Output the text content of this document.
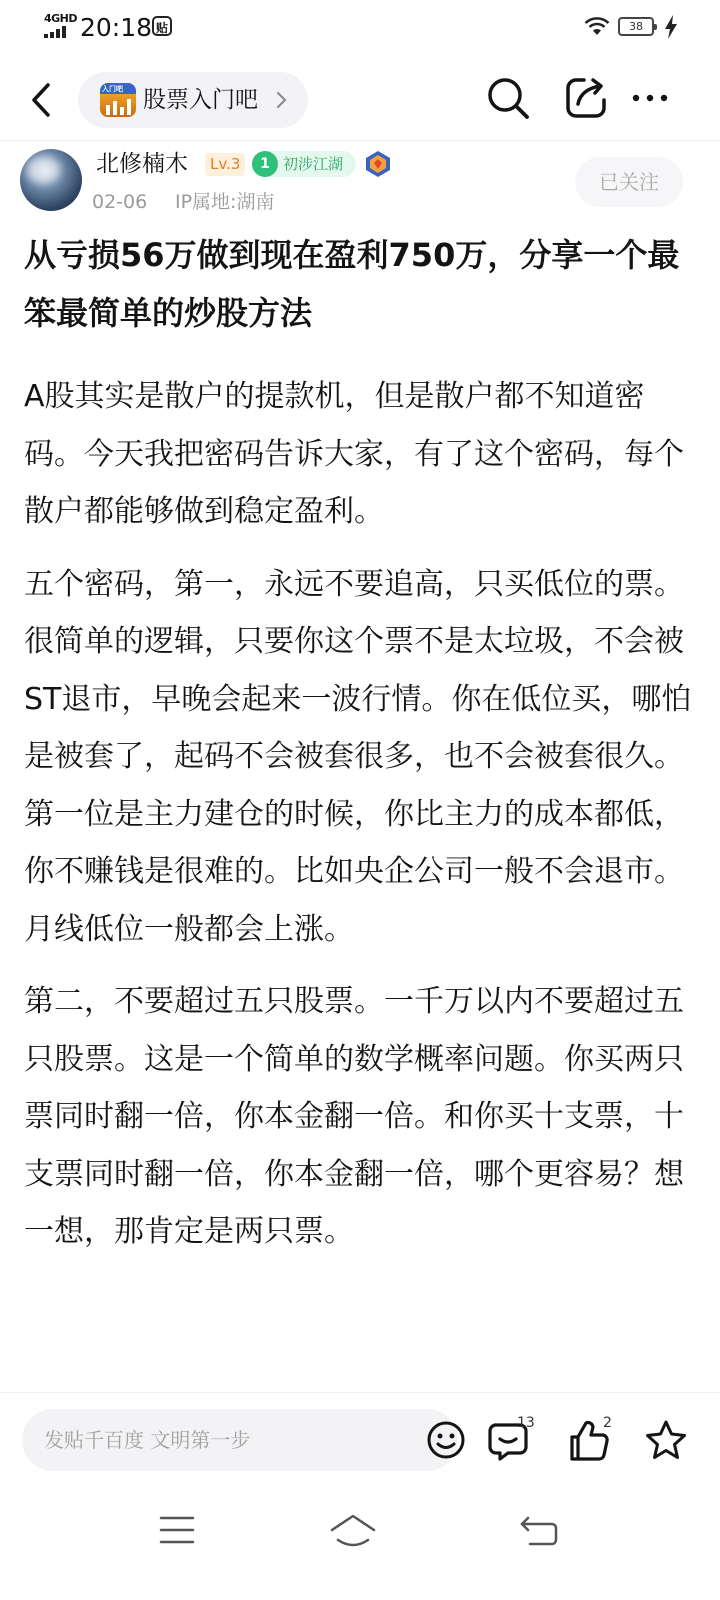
4GHD 20:18 贴	38
入门吧 股票入门吧
北修楠木	Lv.3	1 初涉江湖
02-06 IP属地:湖南
已关注
从亏损56万做到现在盈利750万，分享一个最笨最简单的炒股方法

A股其实是散户的提款机，但是散户都不知道密码。今天我把密码告诉大家，有了这个密码，每个散户都能够做到稳定盈利。

五个密码，第一，永远不要追高，只买低位的票。很简单的逻辑，只要你这个票不是太垃圾，不会被ST退市，早晚会起来一波行情。你在低位买，哪怕是被套了，起码不会被套很多，也不会被套很久。第一位是主力建仓的时候，你比主力的成本都低，你不赚钱是很难的。比如央企公司一般不会退市。月线低位一般都会上涨。

第二，不要超过五只股票。一千万以内不要超过五只股票。这是一个简单的数学概率问题。你买两只票同时翻一倍，你本金翻一倍。和你买十支票，十支票同时翻一倍，你本金翻一倍，哪个更容易？想一想，那肯定是两只票。

发贴千百度 文明第一步
13	2
